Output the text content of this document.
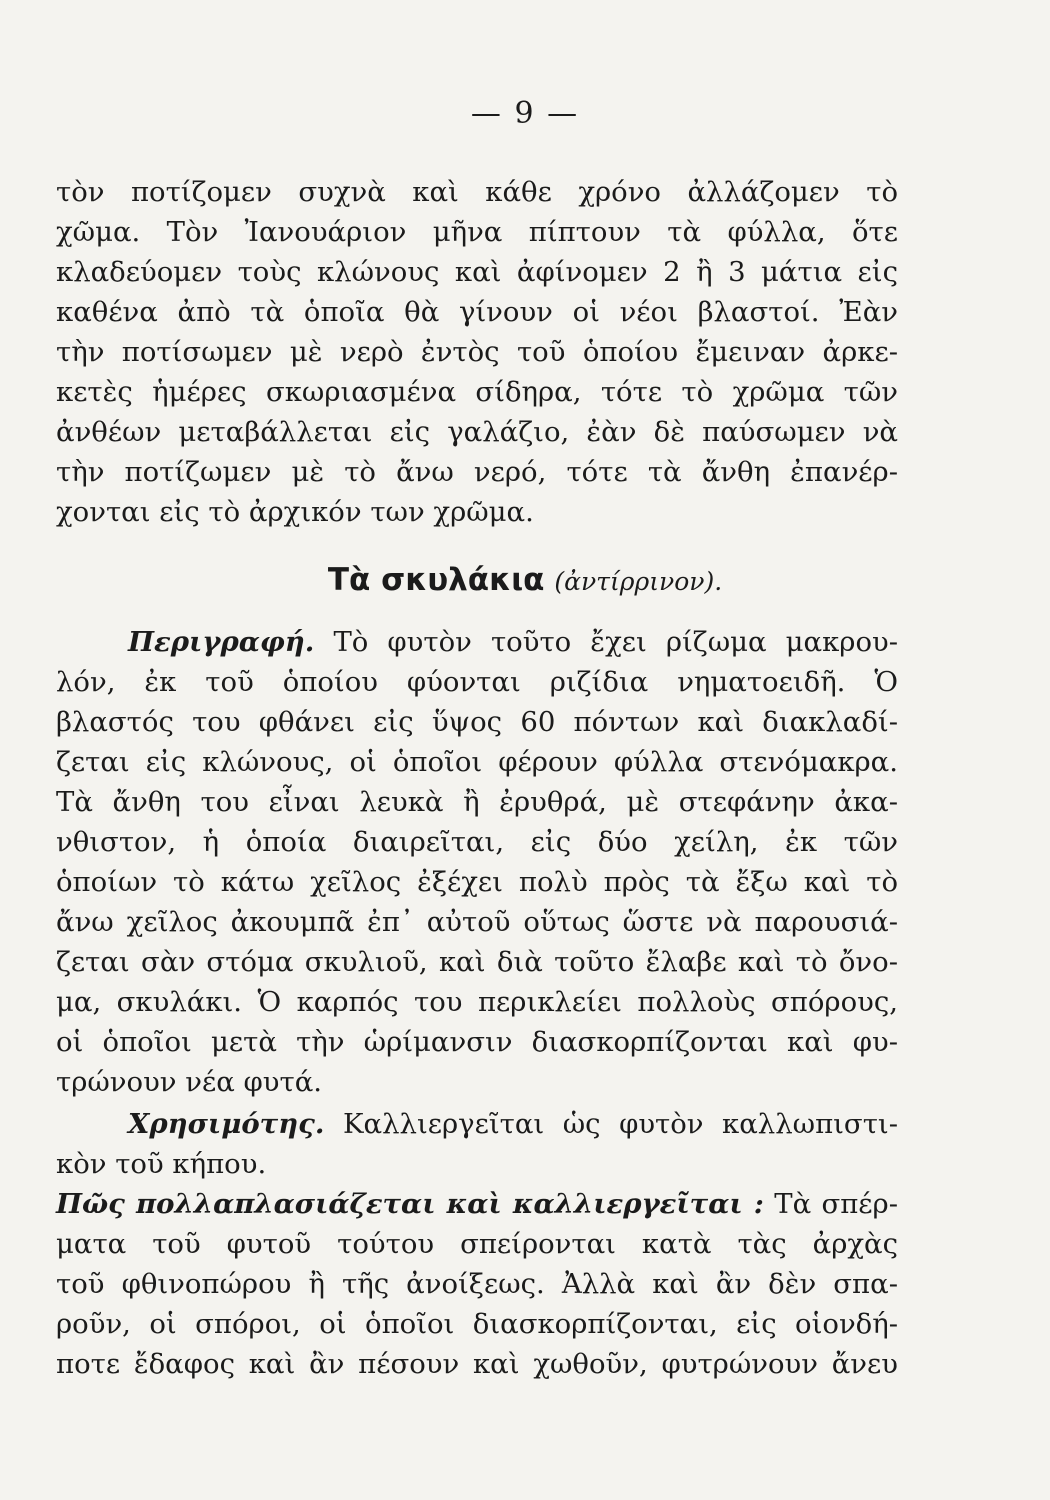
— 9 —
τὸν ποτίζομεν συχνὰ καὶ κάθε χρόνο ἀλλάζομεν τὸ
χῶμα. Τὸν Ἰανουάριον μῆνα πίπτουν τὰ φύλλα, ὅτε
κλαδεύομεν τοὺς κλώνους καὶ ἀφίνομεν 2 ἢ 3 μάτια εἰς
καθένα ἀπὸ τὰ ὁποῖα θὰ γίνουν οἱ νέοι βλαστοί. Ἐὰν
τὴν ποτίσωμεν μὲ νερὸ ἐντὸς τοῦ ὁποίου ἔμειναν ἀρκε-
κετὲς ἡμέρες σκωριασμένα σίδηρα, τότε τὸ χρῶμα τῶν
ἀνθέων μεταβάλλεται εἰς γαλάζιο, ἐὰν δὲ παύσωμεν νὰ
τὴν ποτίζωμεν μὲ τὸ ἄνω νερό, τότε τὰ ἄνθη ἐπανέρ-
χονται εἰς τὸ ἀρχικόν των χρῶμα.
Τὰ σκυλάκια (ἀντίρρινον).
Περιγραφή. Τὸ φυτὸν τοῦτο ἔχει ρίζωμα μακρου-
λόν, ἐκ τοῦ ὁποίου φύονται ριζίδια νηματοειδῆ. Ὁ
βλαστός του φθάνει εἰς ὕψος 60 πόντων καὶ διακλαδί-
ζεται εἰς κλώνους, οἱ ὁποῖοι φέρουν φύλλα στενόμακρα.
Τὰ ἄνθη του εἶναι λευκὰ ἢ ἐρυθρά, μὲ στεφάνην ἀκα-
νθιστον, ἡ ὁποία διαιρεῖται, εἰς δύο χείλη, ἐκ τῶν
ὁποίων τὸ κάτω χεῖλος ἐξέχει πολὺ πρὸς τὰ ἔξω καὶ τὸ
ἄνω χεῖλος ἀκουμπᾶ ἐπ᾽ αὐτοῦ οὕτως ὥστε νὰ παρουσιά-
ζεται σὰν στόμα σκυλιοῦ, καὶ διὰ τοῦτο ἔλαβε καὶ τὸ ὄνο-
μα, σκυλάκι. Ὁ καρπός του περικλείει πολλοὺς σπόρους,
οἱ ὁποῖοι μετὰ τὴν ὡρίμανσιν διασκορπίζονται καὶ φυ-
τρώνουν νέα φυτά.
Χρησιμότης. Καλλιεργεῖται ὡς φυτὸν καλλωπιστι-
κὸν τοῦ κήπου.
Πῶς πολλαπλασιάζεται καὶ καλλιεργεῖται : Τὰ σπέρ-
ματα τοῦ φυτοῦ τούτου σπείρονται κατὰ τὰς ἀρχὰς
τοῦ φθινοπώρου ἢ τῆς ἀνοίξεως. Ἀλλὰ καὶ ἂν δὲν σπα-
ροῦν, οἱ σπόροι, οἱ ὁποῖοι διασκορπίζονται, εἰς οἱονδή-
ποτε ἔδαφος καὶ ἂν πέσουν καὶ χωθοῦν, φυτρώνουν ἄνευ
